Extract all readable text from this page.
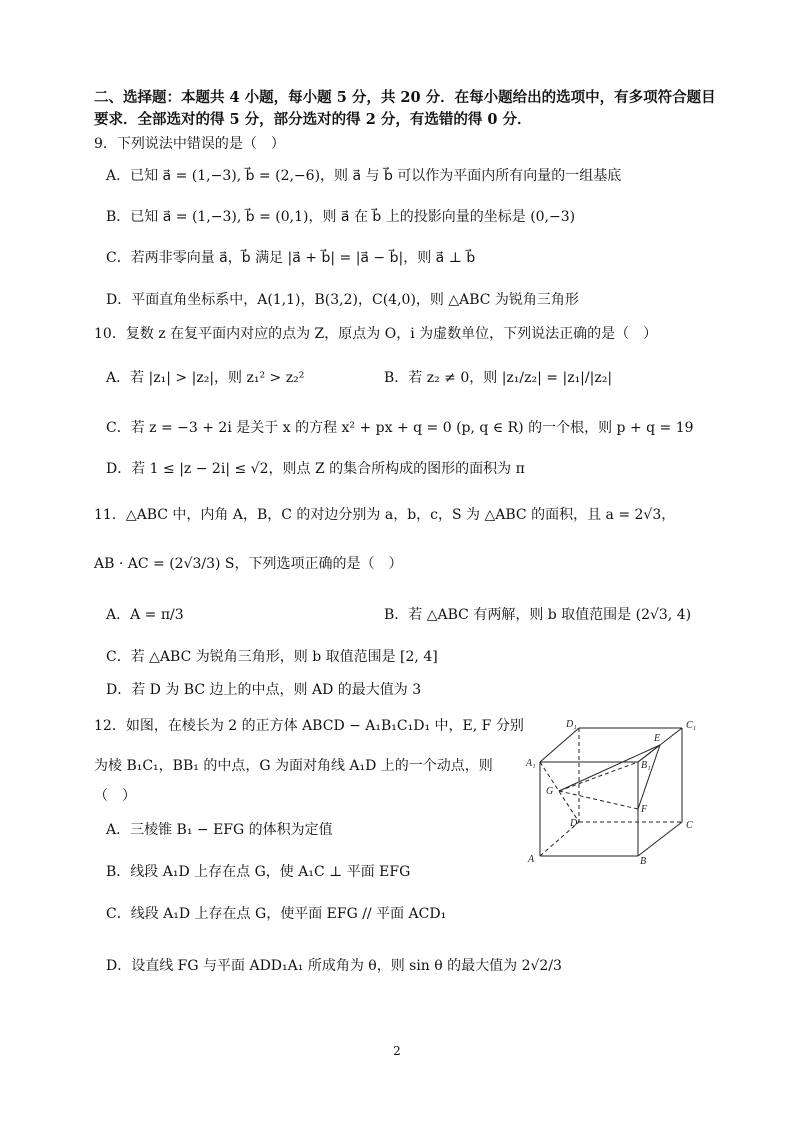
二、选择题：本题共 4 小题，每小题 5 分，共 20 分．在每小题给出的选项中，有多项符合题目
要求．全部选对的得 5 分，部分选对的得 2 分，有选错的得 0 分．
9．下列说法中错误的是（　）
A．已知 a⃗ = (1,−3), b⃗ = (2,−6)，则 a⃗ 与 b⃗ 可以作为平面内所有向量的一组基底
B．已知 a⃗ = (1,−3), b⃗ = (0,1)，则 a⃗ 在 b⃗ 上的投影向量的坐标是 (0,−3)
C．若两非零向量 a⃗，b⃗ 满足 |a⃗ + b⃗| = |a⃗ − b⃗|，则 a⃗ ⊥ b⃗
D．平面直角坐标系中，A(1,1)，B(3,2)，C(4,0)，则 △ABC 为锐角三角形
10．复数 z 在复平面内对应的点为 Z，原点为 O，i 为虚数单位，下列说法正确的是（　）
A．若 |z₁| > |z₂|，则 z₁² > z₂²	B．若 z₂ ≠ 0，则 |z₁/z₂| = |z₁|/|z₂|
C．若 z = −3 + 2i 是关于 x 的方程 x² + px + q = 0 (p, q ∈ R) 的一个根，则 p + q = 19
D．若 1 ≤ |z − 2i| ≤ √2，则点 Z 的集合所构成的图形的面积为 π
11．△ABC 中，内角 A，B，C 的对边分别为 a，b，c，S 为 △ABC 的面积，且 a = 2√3，
AB · AC = (2√3/3) S，下列选项正确的是（　）
A．A = π/3	B．若 △ABC 有两解，则 b 取值范围是 (2√3, 4)
C．若 △ABC 为锐角三角形，则 b 取值范围是 [2, 4]
D．若 D 为 BC 边上的中点，则 AD 的最大值为 3
12．如图，在棱长为 2 的正方体 ABCD − A₁B₁C₁D₁ 中，E, F 分别
为棱 B₁C₁，BB₁ 的中点，G 为面对角线 A₁D 上的一个动点，则
（　）
A．三棱锥 B₁ − EFG 的体积为定值
B．线段 A₁D 上存在点 G，使 A₁C ⊥ 平面 EFG
C．线段 A₁D 上存在点 G，使平面 EFG // 平面 ACD₁
D．设直线 FG 与平面 ADD₁A₁ 所成角为 θ，则 sin θ 的最大值为 2√2/3
D₁	C₁
A₁	B₁
E
G
F
D	C
A	B
2
